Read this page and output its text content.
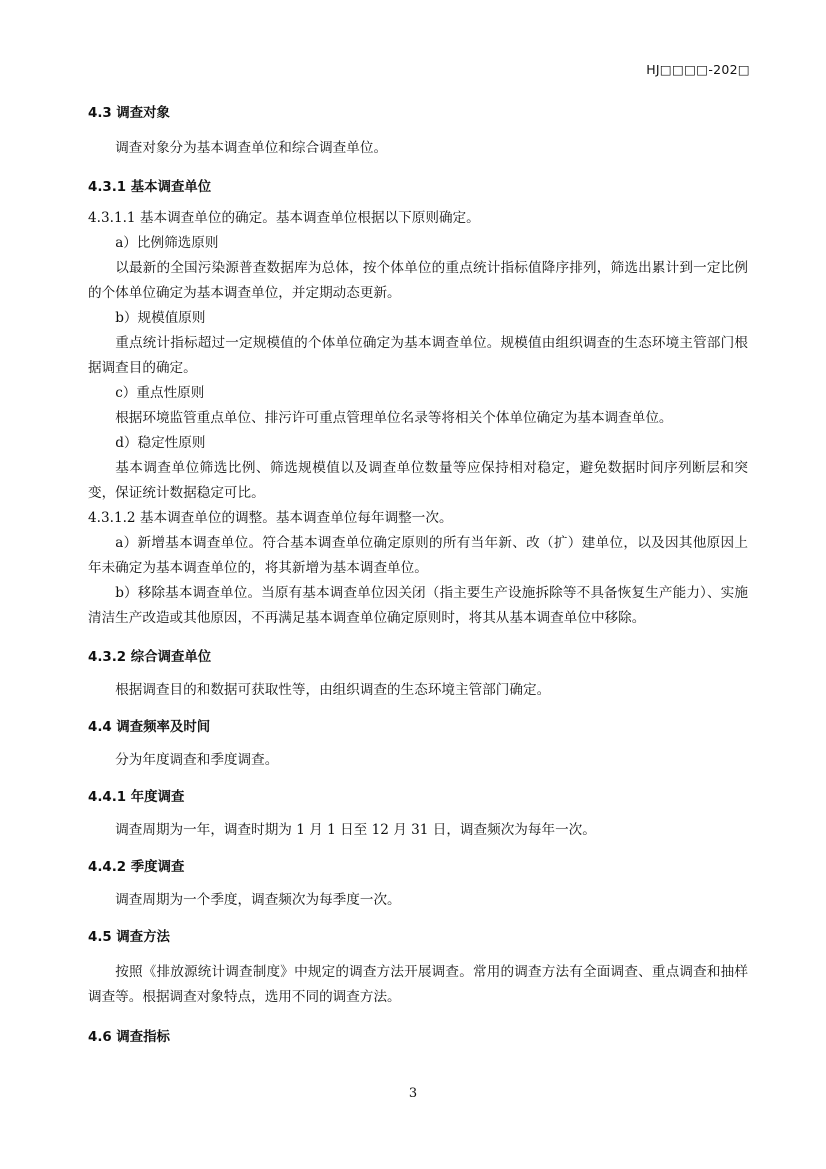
HJ□□□□-202□
4.3 调查对象

调查对象分为基本调查单位和综合调查单位。

4.3.1 基本调查单位

4.3.1.1 基本调查单位的确定。基本调查单位根据以下原则确定。

a）比例筛选原则

以最新的全国污染源普查数据库为总体，按个体单位的重点统计指标值降序排列，筛选出累计到一定比例的个体单位确定为基本调查单位，并定期动态更新。

b）规模值原则

重点统计指标超过一定规模值的个体单位确定为基本调查单位。规模值由组织调查的生态环境主管部门根据调查目的确定。

c）重点性原则

根据环境监管重点单位、排污许可重点管理单位名录等将相关个体单位确定为基本调查单位。

d）稳定性原则

基本调查单位筛选比例、筛选规模值以及调查单位数量等应保持相对稳定，避免数据时间序列断层和突变，保证统计数据稳定可比。

4.3.1.2 基本调查单位的调整。基本调查单位每年调整一次。

a）新增基本调查单位。符合基本调查单位确定原则的所有当年新、改（扩）建单位，以及因其他原因上年未确定为基本调查单位的，将其新增为基本调查单位。

b）移除基本调查单位。当原有基本调查单位因关闭（指主要生产设施拆除等不具备恢复生产能力）、实施清洁生产改造或其他原因，不再满足基本调查单位确定原则时，将其从基本调查单位中移除。

4.3.2 综合调查单位

根据调查目的和数据可获取性等，由组织调查的生态环境主管部门确定。

4.4 调查频率及时间

分为年度调查和季度调查。

4.4.1 年度调查

调查周期为一年，调查时期为 1 月 1 日至 12 月 31 日，调查频次为每年一次。

4.4.2 季度调查

调查周期为一个季度，调查频次为每季度一次。

4.5 调查方法

按照《排放源统计调查制度》中规定的调查方法开展调查。常用的调查方法有全面调查、重点调查和抽样调查等。根据调查对象特点，选用不同的调查方法。

4.6 调查指标
3
